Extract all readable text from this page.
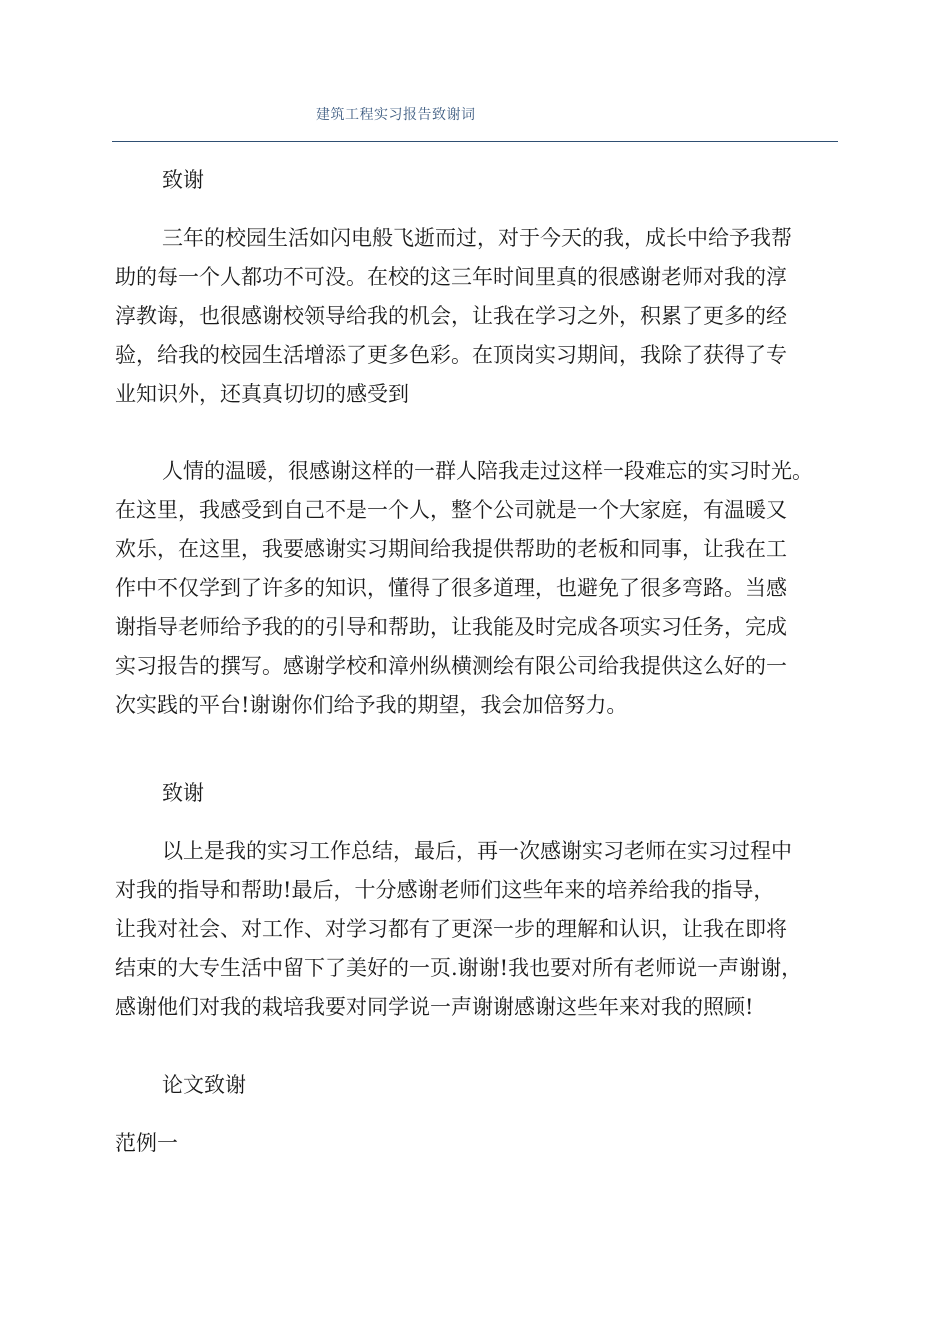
建筑工程实习报告致谢词
致谢
三年的校园生活如闪电般飞逝而过，对于今天的我，成长中给予我帮
助的每一个人都功不可没。在校的这三年时间里真的很感谢老师对我的淳
淳教诲，也很感谢校领导给我的机会，让我在学习之外，积累了更多的经
验，给我的校园生活增添了更多色彩。在顶岗实习期间，我除了获得了专
业知识外，还真真切切的感受到
人情的温暖，很感谢这样的一群人陪我走过这样一段难忘的实习时光。
在这里，我感受到自己不是一个人，整个公司就是一个大家庭，有温暖又
欢乐，在这里，我要感谢实习期间给我提供帮助的老板和同事，让我在工
作中不仅学到了许多的知识，懂得了很多道理，也避免了很多弯路。当感
谢指导老师给予我的的引导和帮助，让我能及时完成各项实习任务，完成
实习报告的撰写。感谢学校和漳州纵横测绘有限公司给我提供这么好的一
次实践的平台!谢谢你们给予我的期望，我会加倍努力。
致谢
以上是我的实习工作总结，最后，再一次感谢实习老师在实习过程中
对我的指导和帮助!最后，十分感谢老师们这些年来的培养给我的指导，
让我对社会、对工作、对学习都有了更深一步的理解和认识，让我在即将
结束的大专生活中留下了美好的一页.谢谢!我也要对所有老师说一声谢谢，
感谢他们对我的栽培我要对同学说一声谢谢感谢这些年来对我的照顾!
论文致谢
范例一
